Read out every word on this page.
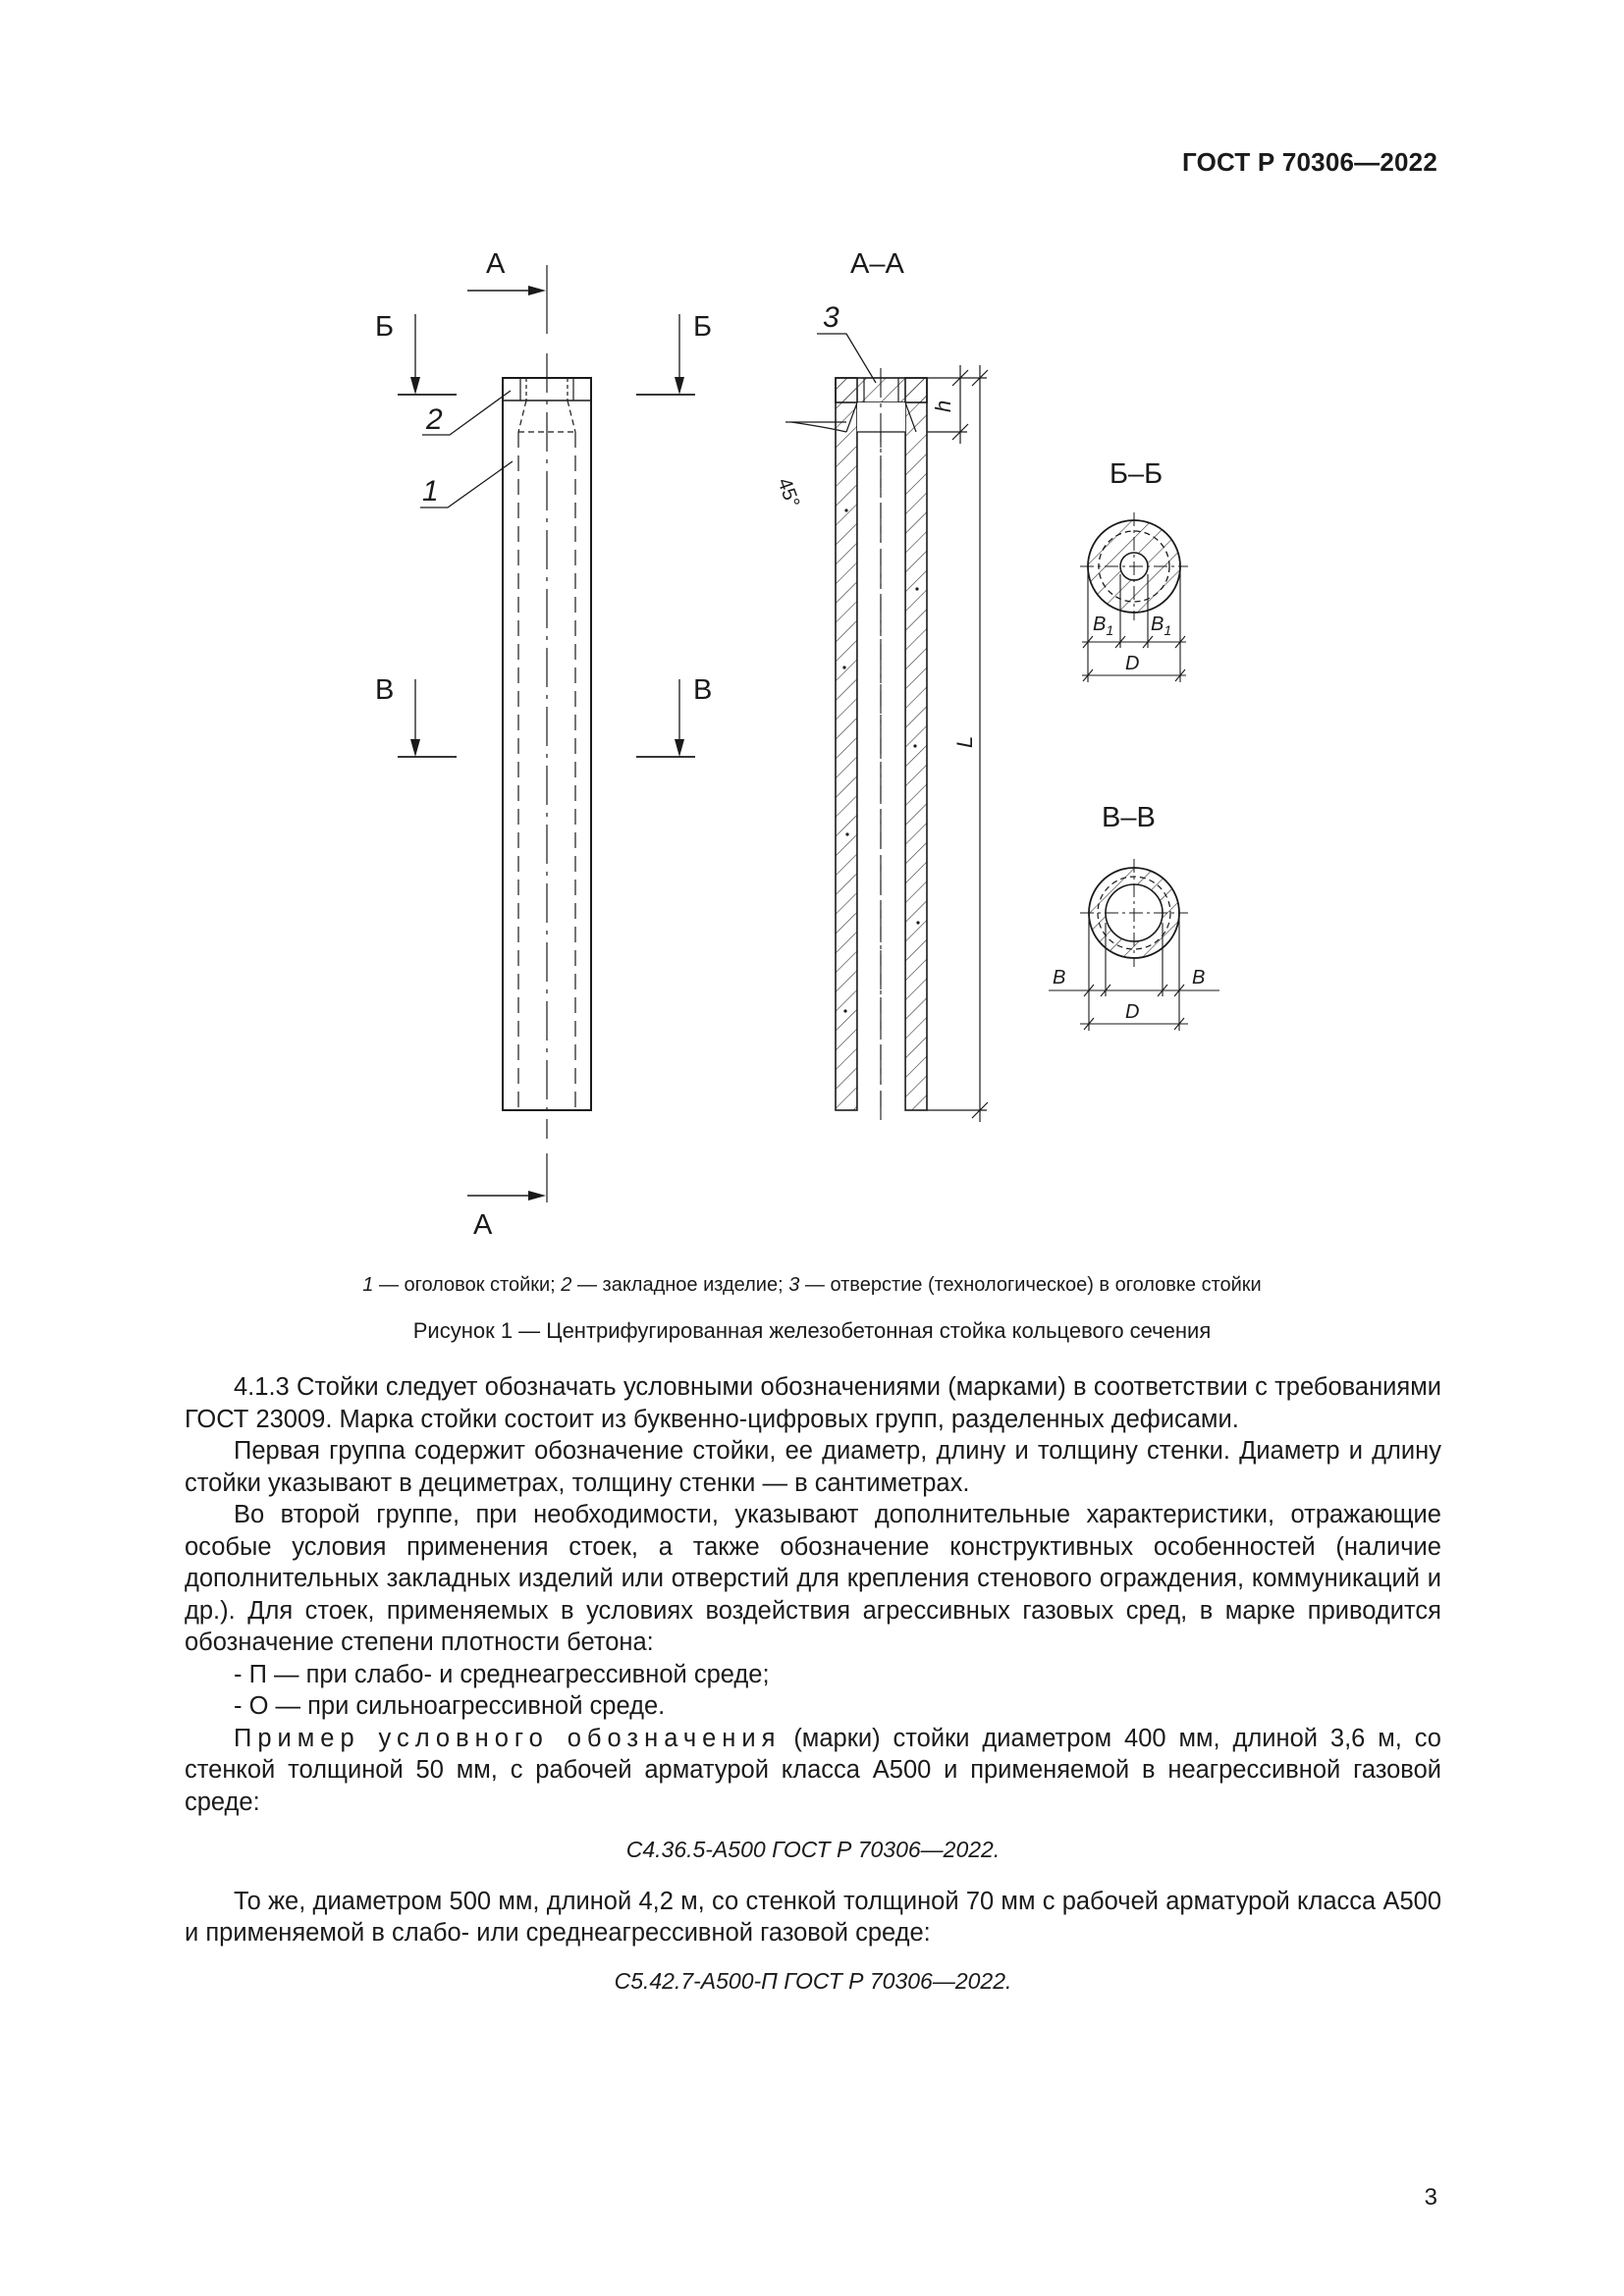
ГОСТ Р 70306—2022
А
А
Б	Б
В	В
2
1
А–А
3
45°
h
L
Б–Б
$B_1$ $B_1$
D
В–В
B	B
D
1 — оголовок стойки; 2 — закладное изделие; 3 — отверстие (технологическое) в оголовке стойки
Рисунок 1 — Центрифугированная железобетонная стойка кольцевого сечения

4.1.3 Стойки следует обозначать условными обозначениями (марками) в соответствии с требованиями ГОСТ 23009. Марка стойки состоит из буквенно-цифровых групп, разделенных дефисами.

Первая группа содержит обозначение стойки, ее диаметр, длину и толщину стенки. Диаметр и длину стойки указывают в дециметрах, толщину стенки — в сантиметрах.

Во второй группе, при необходимости, указывают дополнительные характеристики, отражающие особые условия применения стоек, а также обозначение конструктивных особенностей (наличие дополнительных закладных изделий или отверстий для крепления стенового ограждения, коммуникаций и др.). Для стоек, применяемых в условиях воздействия агрессивных газовых сред, в марке приводится обозначение степени плотности бетона:

- П — при слабо- и среднеагрессивной среде;

- О — при сильноагрессивной среде.

Пример условного обозначения (марки) стойки диаметром 400 мм, длиной 3,6 м, со стенкой толщиной 50 мм, с рабочей арматурой класса А500 и применяемой в неагрессивной газовой среде:

С4.36.5-А500 ГОСТ Р 70306—2022.

То же, диаметром 500 мм, длиной 4,2 м, со стенкой толщиной 70 мм с рабочей арматурой класса А500 и применяемой в слабо- или среднеагрессивной газовой среде:

С5.42.7-А500-П ГОСТ Р 70306—2022.

3
